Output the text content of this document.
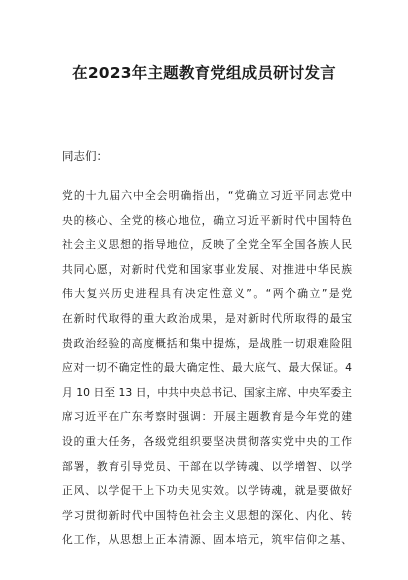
在2023年主题教育党组成员研讨发言
同志们：
党的十九届六中全会明确指出，“党确立习近平同志党中
央的核心、全党的核心地位，确立习近平新时代中国特色
社会主义思想的指导地位，反映了全党全军全国各族人民
共同心愿，对新时代党和国家事业发展、对推进中华民族
伟大复兴历史进程具有决定性意义”。“两个确立”是党
在新时代取得的重大政治成果，是对新时代所取得的最宝
贵政治经验的高度概括和集中提炼，是战胜一切艰难险阻
应对一切不确定性的最大确定性、最大底气、最大保证。4
月 10 日至 13 日，中共中央总书记、国家主席、中央军委主
席习近平在广东考察时强调：开展主题教育是今年党的建
设的重大任务，各级党组织要坚决贯彻落实党中央的工作
部署，教育引导党员、干部在以学铸魂、以学增智、以学
正风、以学促干上下功夫见实效。以学铸魂，就是要做好
学习贯彻新时代中国特色社会主义思想的深化、内化、转
化工作，从思想上正本清源、固本培元，筑牢信仰之基、
